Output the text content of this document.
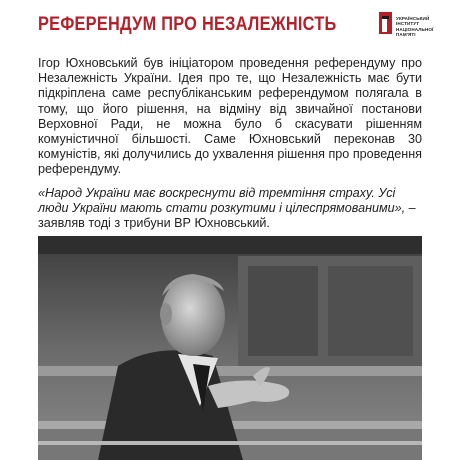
РЕФЕРЕНДУМ ПРО НЕЗАЛЕЖНІСТЬ	УКРАЇНСЬКИЙ
ІНСТИТУТ
НАЦІОНАЛЬНОЇ
ПАМ'ЯТІ
Ігор Юхновський був ініціатором проведення референдуму про Незалежність України. Ідея про те, що Незалежність має бути підкріплена саме республіканським референдумом полягала в тому, що його рішення, на відміну від звичайної постанови Верховної Ради, не можна було б скасувати рішенням комуністичної більшості. Саме Юхновський переконав 30 комуністів, які долучились до ухвалення рішення про проведення референдуму.
«Народ України має воскреснути від тремтіння страху. Усі люди України мають стати розкутими і цілеспрямованими», – заявляв тоді з трибуни ВР Юхновський.
